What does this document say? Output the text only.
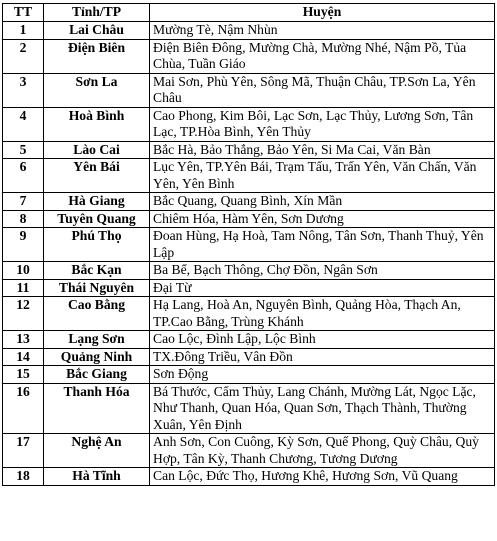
TT	Tỉnh/TP	Huyện
1	Lai Châu	Mường Tè, Nậm Nhùn
2	Điện Biên	Điện Biên Đông, Mường Chà, Mường Nhé, Nậm Pồ, Tủa Chùa, Tuần Giáo
3	Sơn La	Mai Sơn, Phù Yên, Sông Mã, Thuận Châu, TP.Sơn La, Yên Châu
4	Hoà Bình	Cao Phong, Kim Bôi, Lạc Sơn, Lạc Thủy, Lương Sơn, Tân Lạc, TP.Hòa Bình, Yên Thủy
5	Lào Cai	Bắc Hà, Bảo Thắng, Bảo Yên, Si Ma Cai, Văn Bàn
6	Yên Bái	Lục Yên, TP.Yên Bái, Trạm Tấu, Trấn Yên, Văn Chấn, Văn Yên, Yên Bình
7	Hà Giang	Bắc Quang, Quang Bình, Xín Mần
8	Tuyên Quang	Chiêm Hóa, Hàm Yên, Sơn Dương
9	Phú Thọ	Đoan Hùng, Hạ Hoà, Tam Nông, Tân Sơn, Thanh Thuỷ, Yên Lập
10	Bắc Kạn	Ba Bể, Bạch Thông, Chợ Đồn, Ngân Sơn
11	Thái Nguyên	Đại Từ
12	Cao Bằng	Hạ Lang, Hoà An, Nguyên Bình, Quảng Hòa, Thạch An, TP.Cao Bằng, Trùng Khánh
13	Lạng Sơn	Cao Lộc, Đình Lập, Lộc Bình
14	Quảng Ninh	TX.Đông Triều, Vân Đồn
15	Bắc Giang	Sơn Động
16	Thanh Hóa	Bá Thước, Cẩm Thủy, Lang Chánh, Mường Lát, Ngọc Lặc, Như Thanh, Quan Hóa, Quan Sơn, Thạch Thành, Thường Xuân, Yên Định
17	Nghệ An	Anh Sơn, Con Cuông, Kỳ Sơn, Quế Phong, Quỳ Châu, Quỳ Hợp, Tân Kỳ, Thanh Chương, Tương Dương
18	Hà Tĩnh	Can Lộc, Đức Thọ, Hương Khê, Hương Sơn, Vũ Quang
